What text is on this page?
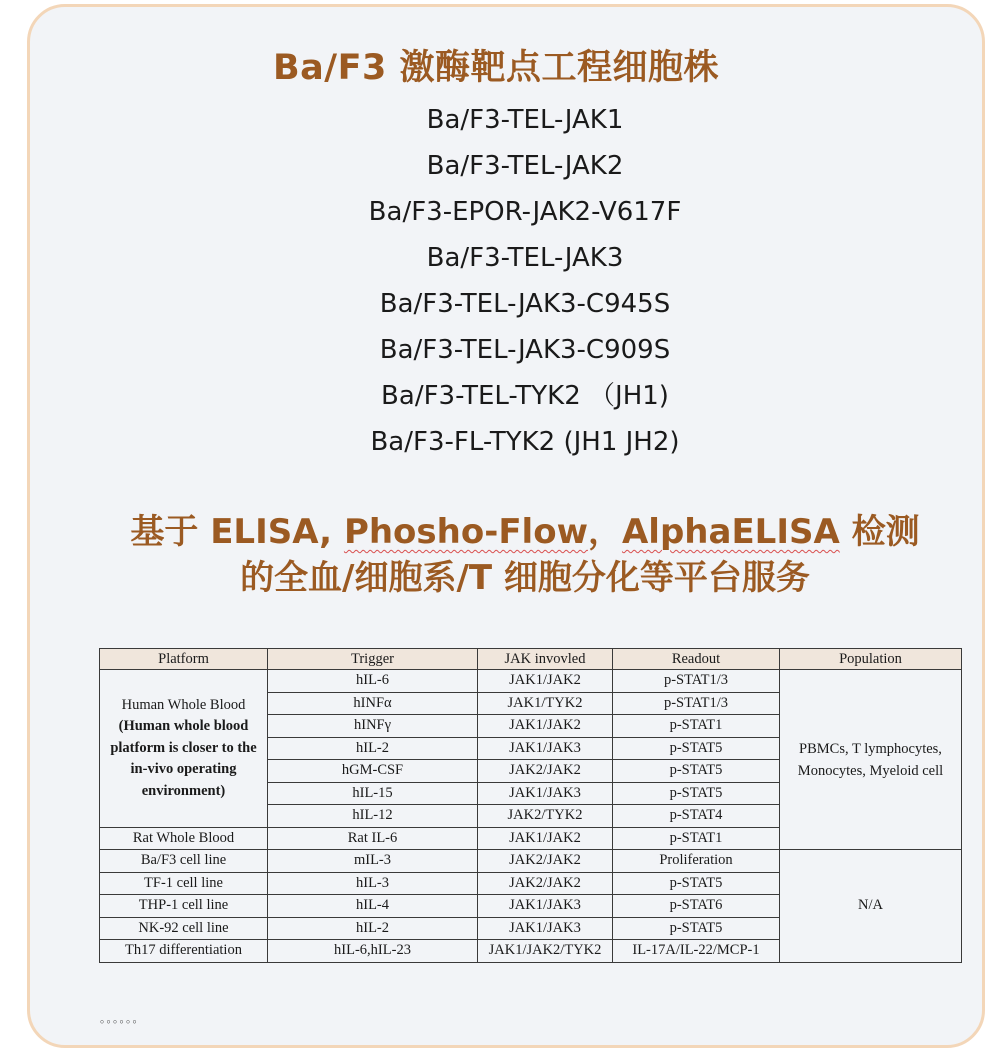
Ba/F3 激酶靶点工程细胞株
Ba/F3-TEL-JAK1
Ba/F3-TEL-JAK2
Ba/F3-EPOR-JAK2-V617F
Ba/F3-TEL-JAK3
Ba/F3-TEL-JAK3-C945S
Ba/F3-TEL-JAK3-C909S
Ba/F3-TEL-TYK2 （JH1)
Ba/F3-FL-TYK2 (JH1 JH2)
基于 ELISA, Phosho-Flow，AlphaELISA 检测
的全血/细胞系/T 细胞分化等平台服务
Platform	Trigger	JAK invovled	Readout	Population
Human Whole Blood
(Human whole blood platform is closer to the in-vivo operating environment)	hIL-6	JAK1/JAK2	p-STAT1/3	PBMCs, T lymphocytes, Monocytes, Myeloid cell
	hINFα	JAK1/TYK2	p-STAT1/3	
	hINFγ	JAK1/JAK2	p-STAT1	
	hIL-2	JAK1/JAK3	p-STAT5	
	hGM-CSF	JAK2/JAK2	p-STAT5	
	hIL-15	JAK1/JAK3	p-STAT5	
	hIL-12	JAK2/TYK2	p-STAT4	
Rat Whole Blood	Rat IL-6	JAK1/JAK2	p-STAT1	
Ba/F3 cell line	mIL-3	JAK2/JAK2	Proliferation	N/A
TF-1 cell line	hIL-3	JAK2/JAK2	p-STAT5	
THP-1 cell line	hIL-4	JAK1/JAK3	p-STAT6	
NK-92 cell line	hIL-2	JAK1/JAK3	p-STAT5	
Th17 differentiation	hIL-6,hIL-23	JAK1/JAK2/TYK2	IL-17A/IL-22/MCP-1	
。。。。。。
